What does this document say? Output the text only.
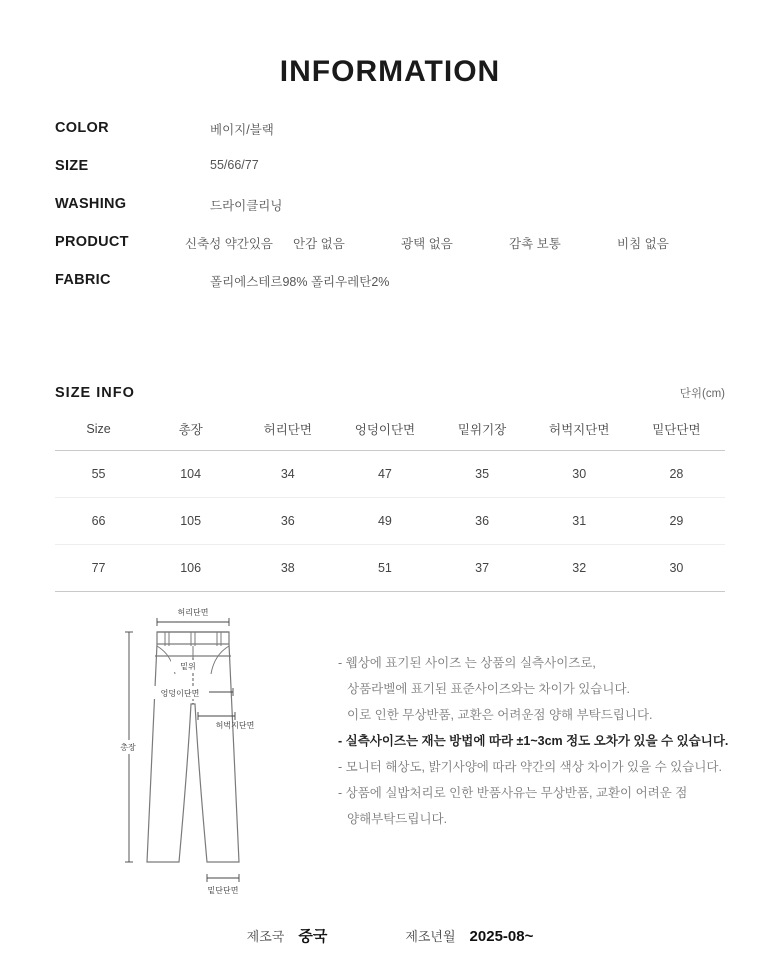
INFORMATION
COLOR	베이지/블랙
SIZE	55/66/77
WASHING	드라이클리닝
PRODUCT	신축성 약간있음	안감 없음	광택 없음	감촉 보통	비침 없음
FABRIC	폴리에스테르98% 폴리우레탄2%
SIZE INFO	단위(cm)
Size	총장	허리단면	엉덩이단면	밑위기장	허벅지단면	밑단단면
55	104	34	47	35	30	28
66	105	36	49	36	31	29
77	106	38	51	37	32	30
허리단면
밑위
엉덩이단면
허벅지단면
총장
밑단단면
- 웹상에 표기된 사이즈 는 상품의 실측사이즈로,
상품라벨에 표기된 표준사이즈와는 차이가 있습니다.
이로 인한 무상반품, 교환은 어려운점 양해 부탁드립니다.
- 실측사이즈는 재는 방법에 따라 ±1~3cm 정도 오차가 있을 수 있습니다.
- 모니터 해상도, 밝기사양에 따라 약간의 색상 차이가 있을 수 있습니다.
- 상품에 실밥처리로 인한 반품사유는 무상반품, 교환이 어려운 점
양해부탁드립니다.
제조국 중국	제조년월 2025-08~
